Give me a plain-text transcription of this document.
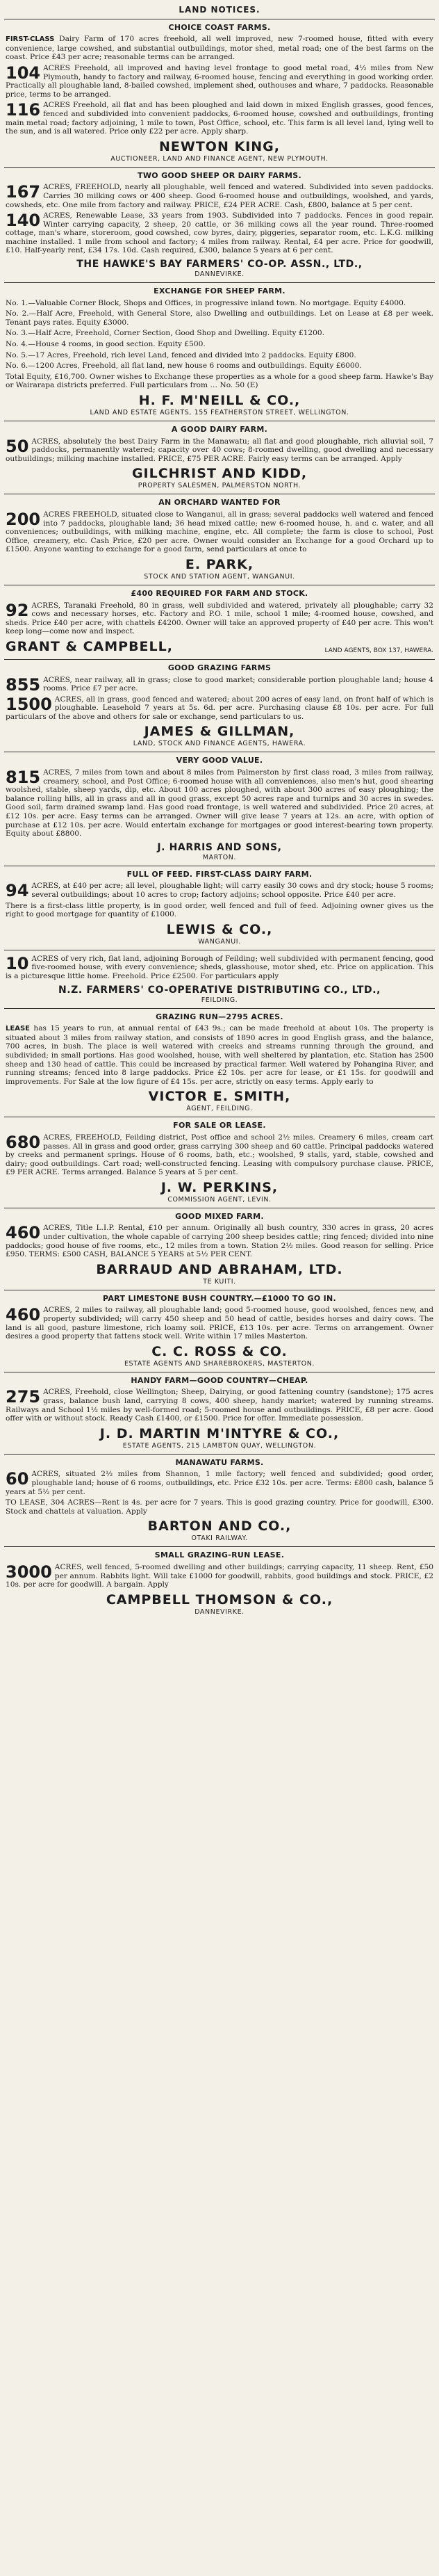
LAND NOTICES.
CHOICE COAST FARMS.
FIRST-CLASS Dairy Farm of 170 acres freehold, all well improved, new 7-roomed house, fitted with every convenience, large cowshed, and substantial outbuildings, motor shed, metal road; one of the best farms on the coast. Price £43 per acre; reasonable terms can be arranged.
104 ACRES Freehold, all improved and having level frontage to good metal road, 4½ miles from New Plymouth, handy to factory and railway, 6-roomed house, fencing and everything in good working order. Practically all ploughable land, 8-bailed cowshed, implement shed, outhouses and whare, 7 paddocks. Reasonable price, terms to be arranged.
116 ACRES Freehold, all flat and has been ploughed and laid down in mixed English grasses, good fences, fenced and subdivided into convenient paddocks, 6-roomed house, cowshed and outbuildings, fronting main metal road; factory adjoining, 1 mile to town, Post Office, school, etc. This farm is all level land, lying well to the sun, and is all watered. Price only £22 per acre. Apply sharp.
NEWTON KING,
AUCTIONEER, LAND AND FINANCE AGENT, NEW PLYMOUTH.
TWO GOOD SHEEP OR DAIRY FARMS.
167 ACRES, FREEHOLD, nearly all ploughable, well fenced and watered. Subdivided into seven paddocks. Carries 30 milking cows or 400 sheep. Good 6-roomed house and outbuildings, woolshed, and yards, cowsheds, etc. One mile from factory and railway. PRICE, £24 PER ACRE. Cash, £800, balance at 5 per cent.
140 ACRES, Renewable Lease, 33 years from 1903. Subdivided into 7 paddocks. Fences in good repair. Winter carrying capacity, 2 sheep, 20 cattle, or 36 milking cows all the year round. Three-roomed cottage, man's whare, storeroom, good cowshed, cow byres, dairy, piggeries, separator room, etc. L.K.G. milking machine installed. 1 mile from school and factory; 4 miles from railway. Rental, £4 per acre. Price for goodwill, £10. Half-yearly rent, £34 17s. 10d. Cash required, £300, balance 5 years at 6 per cent.
THE HAWKE'S BAY FARMERS' CO-OP. ASSN., LTD.,
DANNEVIRKE.
EXCHANGE FOR SHEEP FARM.
No. 1.—Valuable Corner Block, Shops and Offices, in progressive inland town. No mortgage. Equity £4000.
No. 2.—Half Acre, Freehold, with General Store, also Dwelling and outbuildings. Let on Lease at £8 per week. Tenant pays rates. Equity £3000.
No. 3.—Half Acre, Freehold, Corner Section, Good Shop and Dwelling. Equity £1200.
No. 4.—House 4 rooms, in good section. Equity £500.
No. 5.—17 Acres, Freehold, rich level Land, fenced and divided into 2 paddocks. Equity £800.
No. 6.—1200 Acres, Freehold, all flat land, new house 6 rooms and outbuildings. Equity £6000.
Total Equity, £16,700. Owner wishes to Exchange these properties as a whole for a good sheep farm. Hawke's Bay or Wairarapa districts preferred. Full particulars from … No. 50 (E)
H. F. M'NEILL & CO.,
LAND AND ESTATE AGENTS, 155 FEATHERSTON STREET, WELLINGTON.
A GOOD DAIRY FARM.
50 ACRES, absolutely the best Dairy Farm in the Manawatu; all flat and good ploughable, rich alluvial soil, 7 paddocks, permanently watered; capacity over 40 cows; 8-roomed dwelling, good dwelling and necessary outbuildings; milking machine installed. PRICE, £75 PER ACRE. Fairly easy terms can be arranged. Apply
GILCHRIST AND KIDD,
PROPERTY SALESMEN, PALMERSTON NORTH.
AN ORCHARD WANTED FOR
200 ACRES FREEHOLD, situated close to Wanganui, all in grass; several paddocks well watered and fenced into 7 paddocks, ploughable land; 36 head mixed cattle; new 6-roomed house, h. and c. water, and all conveniences; outbuildings, with milking machine, engine, etc. All complete; the farm is close to school, Post Office, creamery, etc. Cash Price, £20 per acre. Owner would consider an Exchange for a good Orchard up to £1500. Anyone wanting to exchange for a good farm, send particulars at once to
E. PARK,
STOCK AND STATION AGENT, WANGANUI.
£400 REQUIRED FOR FARM AND STOCK.
92 ACRES, Taranaki Freehold, 80 in grass, well subdivided and watered, privately all ploughable; carry 32 cows and necessary horses, etc. Factory and P.O. 1 mile, school 1 mile; 4-roomed house, cowshed, and sheds. Price £40 per acre, with chattels £4200. Owner will take an approved property of £40 per acre. This won't keep long—come now and inspect.
GRANT & CAMPBELL,	LAND AGENTS, BOX 137, HAWERA.
GOOD GRAZING FARMS
855 ACRES, near railway, all in grass; close to good market; considerable portion ploughable land; house 4 rooms. Price £7 per acre.
1500 ACRES, all in grass, good fenced and watered; about 200 acres of easy land, on front half of which is ploughable. Leasehold 7 years at 5s. 6d. per acre. Purchasing clause £8 10s. per acre. For full particulars of the above and others for sale or exchange, send particulars to us.
JAMES & GILLMAN,
LAND, STOCK AND FINANCE AGENTS, HAWERA.
VERY GOOD VALUE.
815 ACRES, 7 miles from town and about 8 miles from Palmerston by first class road, 3 miles from railway, creamery, school, and Post Office; 6-roomed house with all conveniences, also men's hut, good shearing woolshed, stable, sheep yards, dip, etc. About 100 acres ploughed, with about 300 acres of easy ploughing; the balance rolling hills, all in grass and all in good grass, except 50 acres rape and turnips and 30 acres in swedes. Good soil, farm drained swamp land. Has good road frontage, is well watered and subdivided. Price 20 acres, at £12 10s. per acre. Easy terms can be arranged. Owner will give lease 7 years at 12s. an acre, with option of purchase at £12 10s. per acre. Would entertain exchange for mortgages or good interest-bearing town property. Equity about £8800.
J. HARRIS AND SONS,
MARTON.
FULL OF FEED. FIRST-CLASS DAIRY FARM.
94 ACRES, at £40 per acre; all level, ploughable light; will carry easily 30 cows and dry stock; house 5 rooms; several outbuildings; about 10 acres to crop; factory adjoins; school opposite. Price £40 per acre.
There is a first-class little property, is in good order, well fenced and full of feed. Adjoining owner gives us the right to good mortgage for quantity of £1000.
LEWIS & CO.,
WANGANUI.
10 ACRES of very rich, flat land, adjoining Borough of Feilding; well subdivided with permanent fencing, good five-roomed house, with every convenience; sheds, glasshouse, motor shed, etc. Price on application. This is a picturesque little home. Freehold. Price £2500. For particulars apply
N.Z. FARMERS' CO-OPERATIVE DISTRIBUTING CO., LTD.,
FEILDING.
GRAZING RUN—2795 ACRES.
LEASE has 15 years to run, at annual rental of £43 9s.; can be made freehold at about 10s. The property is situated about 3 miles from railway station, and consists of 1890 acres in good English grass, and the balance, 700 acres, in bush. The place is well watered with creeks and streams running through the ground, and subdivided; in small portions. Has good woolshed, house, with well sheltered by plantation, etc. Station has 2500 sheep and 130 head of cattle. This could be increased by practical farmer. Well watered by Pohangina River, and running streams; fenced into 8 large paddocks. Price £2 10s. per acre for lease, or £1 15s. for goodwill and improvements. For Sale at the low figure of £4 15s. per acre, strictly on easy terms. Apply early to
VICTOR E. SMITH,
AGENT, FEILDING.
FOR SALE OR LEASE.
680 ACRES, FREEHOLD, Feilding district, Post office and school 2½ miles. Creamery 6 miles, cream cart passes. All in grass and good order, grass carrying 300 sheep and 60 cattle. Principal paddocks watered by creeks and permanent springs. House of 6 rooms, bath, etc.; woolshed, 9 stalls, yard, stable, cowshed and dairy; good outbuildings. Cart road; well-constructed fencing. Leasing with compulsory purchase clause. PRICE, £9 PER ACRE. Terms arranged. Balance 5 years at 5 per cent.
J. W. PERKINS,
COMMISSION AGENT, LEVIN.
GOOD MIXED FARM.
460 ACRES, Title L.I.P. Rental, £10 per annum. Originally all bush country, 330 acres in grass, 20 acres under cultivation, the whole capable of carrying 200 sheep besides cattle; ring fenced; divided into nine paddocks; good house of five rooms, etc., 12 miles from a town. Station 2½ miles. Good reason for selling. Price £950. TERMS: £500 CASH, BALANCE 5 YEARS at 5½ PER CENT.
BARRAUD AND ABRAHAM, LTD.
TE KUITI.
PART LIMESTONE BUSH COUNTRY.—£1000 TO GO IN.
460 ACRES, 2 miles to railway, all ploughable land; good 5-roomed house, good woolshed, fences new, and property subdivided; will carry 450 sheep and 50 head of cattle, besides horses and dairy cows. The land is all good, pasture limestone, rich loamy soil. PRICE, £13 10s. per acre. Terms on arrangement. Owner desires a good property that fattens stock well. Write within 17 miles Masterton.
C. C. ROSS & CO.
ESTATE AGENTS AND SHAREBROKERS, MASTERTON.
HANDY FARM—GOOD COUNTRY—CHEAP.
275 ACRES, Freehold, close Wellington; Sheep, Dairying, or good fattening country (sandstone); 175 acres grass, balance bush land, carrying 8 cows, 400 sheep, handy market; watered by running streams. Railways and School 1½ miles by well-formed road; 5-roomed house and outbuildings. PRICE, £8 per acre. Good offer with or without stock. Ready Cash £1400, or £1500. Price for offer. Immediate possession.
J. D. MARTIN M'INTYRE & CO.,
ESTATE AGENTS, 215 LAMBTON QUAY, WELLINGTON.
MANAWATU FARMS.
60 ACRES, situated 2½ miles from Shannon, 1 mile factory; well fenced and subdivided; good order, ploughable land; house of 6 rooms, outbuildings, etc. Price £32 10s. per acre. Terms: £800 cash, balance 5 years at 5½ per cent.
TO LEASE, 304 ACRES—Rent is 4s. per acre for 7 years. This is good grazing country. Price for goodwill, £300. Stock and chattels at valuation. Apply
BARTON AND CO.,
OTAKI RAILWAY.
SMALL GRAZING-RUN LEASE.
3000 ACRES, well fenced, 5-roomed dwelling and other buildings; carrying capacity, 11 sheep. Rent, £50 per annum. Rabbits light. Will take £1000 for goodwill, rabbits, good buildings and stock. PRICE, £2 10s. per acre for goodwill. A bargain. Apply
CAMPBELL THOMSON & CO.,
DANNEVIRKE.
